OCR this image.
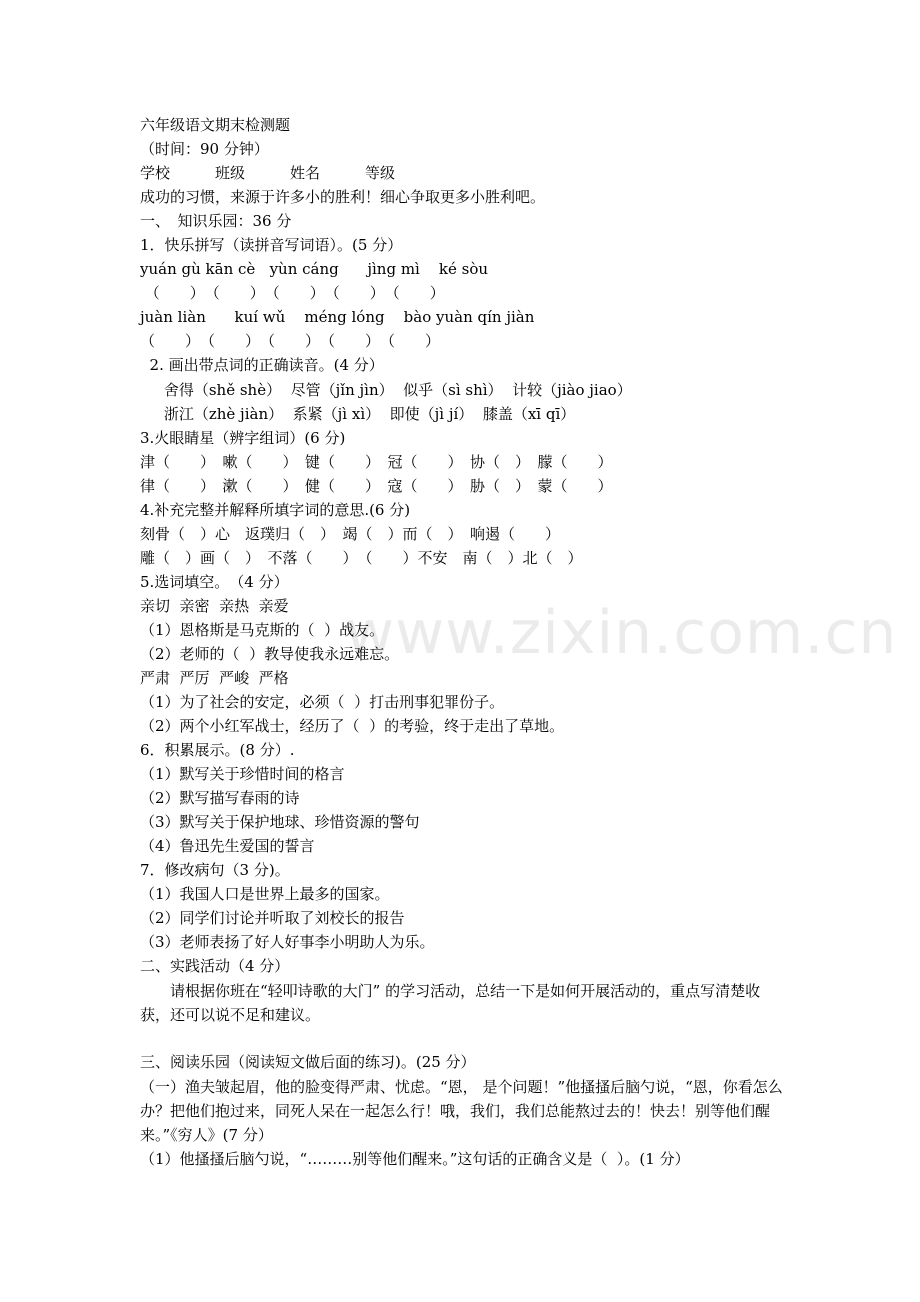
www.zixin.com.cn
六年级语文期末检测题
（时间：90 分钟）
学校　　　班级　　　姓名　　　等级
成功的习惯，来源于许多小的胜利！细心争取更多小胜利吧。
一、　知识乐园：36 分
1．快乐拼写（读拼音写词语）。(5 分）
yuán gù kān cè   yùn cáng      jìng mì    ké sòu
（　　）　（　　）　（　　）　（　　）　（　　）
juàn liàn      kuí wǔ    méng lóng    bào yuàn qín jiàn
（　　）　（　　）　（　　）　（　　）　（　　）
2. 画出带点词的正确读音。(4 分）
舍得（shě shè）  尽管（jǐn jìn）  似乎（sì shì）  计较（jiào jiao）
浙江（zhè jiàn）  系紧（jì xì）  即使（jì jí）  膝盖（xī qī）
3.火眼睛星（辨字组词）(6 分)
津（　　）　嗽（　　）　键（　　）　冠（　　）　协（　）　朦（　　）
律（　　）　漱（　　）　健（　　）　寇（　　）　胁（　）　蒙（　　）
4.补充完整并解释所填字词的意思.(6 分)
刻骨（　）心　返璞归（　）　竭（　）而（　）　响遏（　　）
雕（　）画（　）　不落（　　）　（　　）不安　南（　）北（　）
5.选词填空。　（4 分）
亲切  亲密  亲热  亲爱
（1）恩格斯是马克斯的（  ）战友。
（2）老师的（  ）教导使我永远难忘。
严肃  严厉  严峻  严格
（1）为了社会的安定，必须（  ）打击刑事犯罪份子。
（2）两个小红军战士，经历了（  ）的考验，终于走出了草地。
6．积累展示。(8 分）.
（1）默写关于珍惜时间的格言
（2）默写描写春雨的诗
（3）默写关于保护地球、珍惜资源的警句
（4）鲁迅先生爱国的誓言
7．修改病句（3 分)。
（1）我国人口是世界上最多的国家。
（2）同学们讨论并听取了刘校长的报告
（3）老师表扬了好人好事李小明助人为乐。
二、实践活动（4 分）
　　请根据你班在“轻叩诗歌的大门” 的学习活动，总结一下是如何开展活动的，重点写清楚收获，还可以说不足和建议。
三、阅读乐园（阅读短文做后面的练习)。(25 分）
（一）渔夫皱起眉，他的脸变得严肃、忧虑。“恩， 是个问题！”他搔搔后脑勺说，“恩，你看怎么办？把他们抱过来，同死人呆在一起怎么行！哦，我们，我们总能熬过去的！快去！别等他们醒来。”《穷人》(7 分）
（1）他搔搔后脑勺说，“………别等他们醒来。”这句话的正确含义是（  ）。(1 分）
